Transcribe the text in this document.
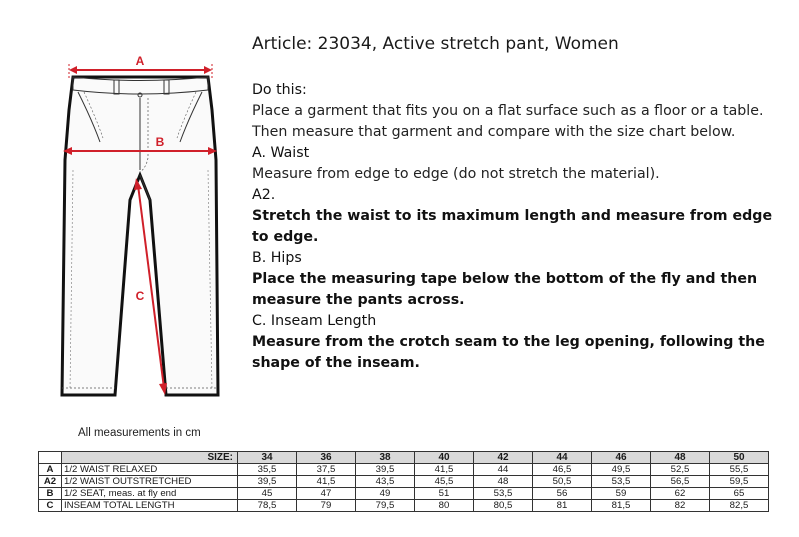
A
B
C
All measurements in cm
Article: 23034, Active stretch pant, Women

Do this:

Place a garment that fits you on a flat surface such as a floor or a table.

Then measure that garment and compare with the size chart below.

A. Waist

Measure from edge to edge (do not stretch the material).

A2.

Stretch the waist to its maximum length and measure from edge to edge.

B. Hips

Place the measuring tape below the bottom of the fly and then measure the pants across.

C. Inseam Length

Measure from the crotch seam to the leg opening, following the shape of the inseam.

	SIZE:	34	36	38	40	42	44	46	48	50
A	1/2 WAIST RELAXED	35,5	37,5	39,5	41,5	44	46,5	49,5	52,5	55,5
A2	1/2 WAIST OUTSTRETCHED	39,5	41,5	43,5	45,5	48	50,5	53,5	56,5	59,5
B	1/2 SEAT, meas. at fly end	45	47	49	51	53,5	56	59	62	65
C	INSEAM TOTAL LENGTH	78,5	79	79,5	80	80,5	81	81,5	82	82,5
